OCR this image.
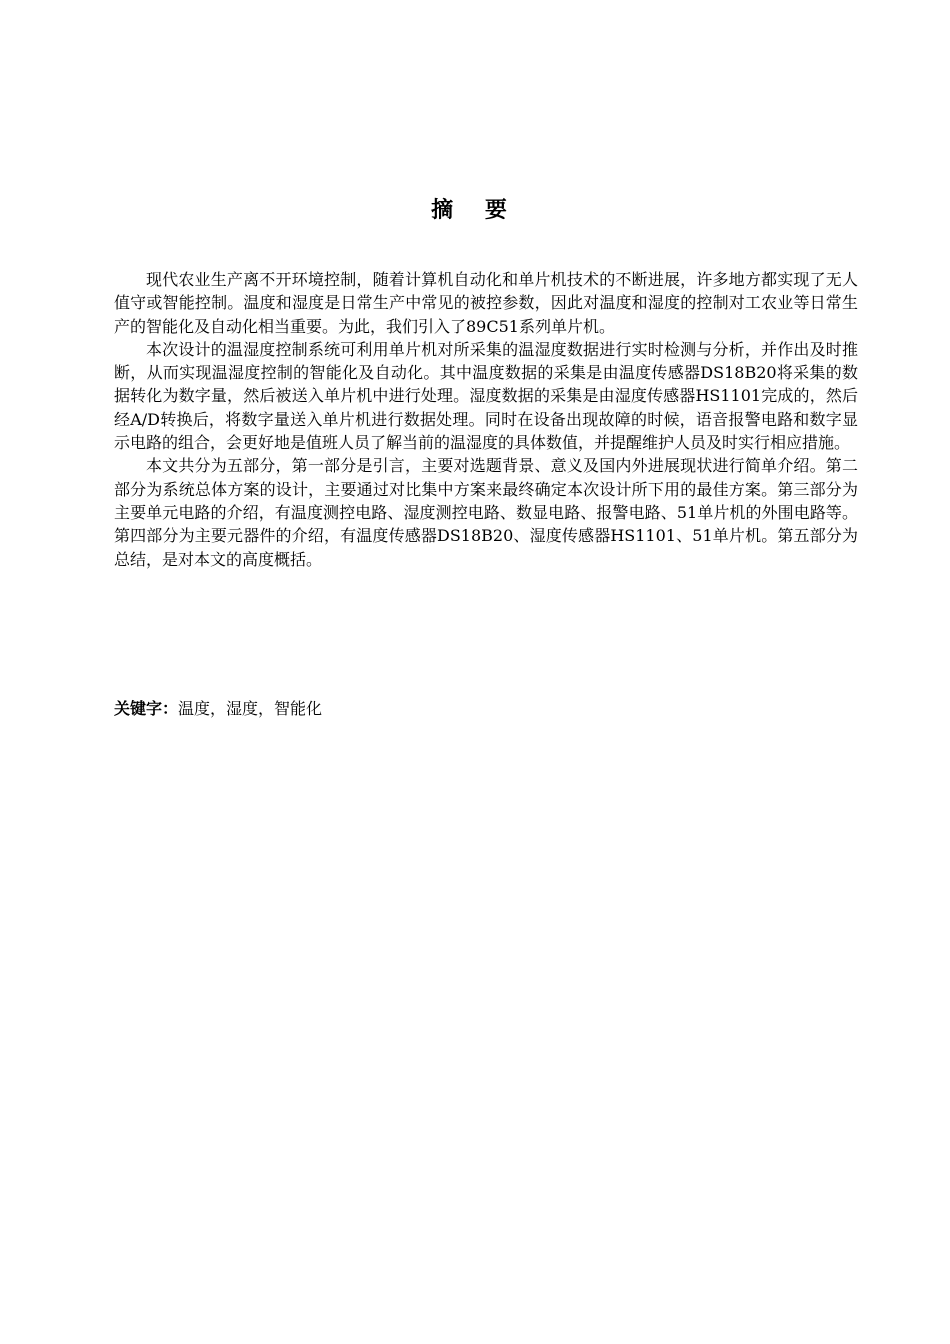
摘 要

现代农业生产离不开环境控制，随着计算机自动化和单片机技术的不断进展，许多地方都实现了无人值守或智能控制。温度和湿度是日常生产中常见的被控参数，因此对温度和湿度的控制对工农业等日常生产的智能化及自动化相当重要。为此，我们引入了89C51系列单片机。

本次设计的温湿度控制系统可利用单片机对所采集的温湿度数据进行实时检测与分析，并作出及时推断，从而实现温湿度控制的智能化及自动化。其中温度数据的采集是由温度传感器DS18B20将采集的数据转化为数字量，然后被送入单片机中进行处理。湿度数据的采集是由湿度传感器HS1101完成的，然后经A/D转换后，将数字量送入单片机进行数据处理。同时在设备出现故障的时候，语音报警电路和数字显示电路的组合，会更好地是值班人员了解当前的温湿度的具体数值，并提醒维护人员及时实行相应措施。

本文共分为五部分，第一部分是引言，主要对选题背景、意义及国内外进展现状进行简单介绍。第二部分为系统总体方案的设计，主要通过对比集中方案来最终确定本次设计所下用的最佳方案。第三部分为主要单元电路的介绍，有温度测控电路、湿度测控电路、数显电路、报警电路、51单片机的外围电路等。第四部分为主要元器件的介绍，有温度传感器DS18B20、湿度传感器HS1101、51单片机。第五部分为总结，是对本文的高度概括。

关键字：温度，湿度，智能化
